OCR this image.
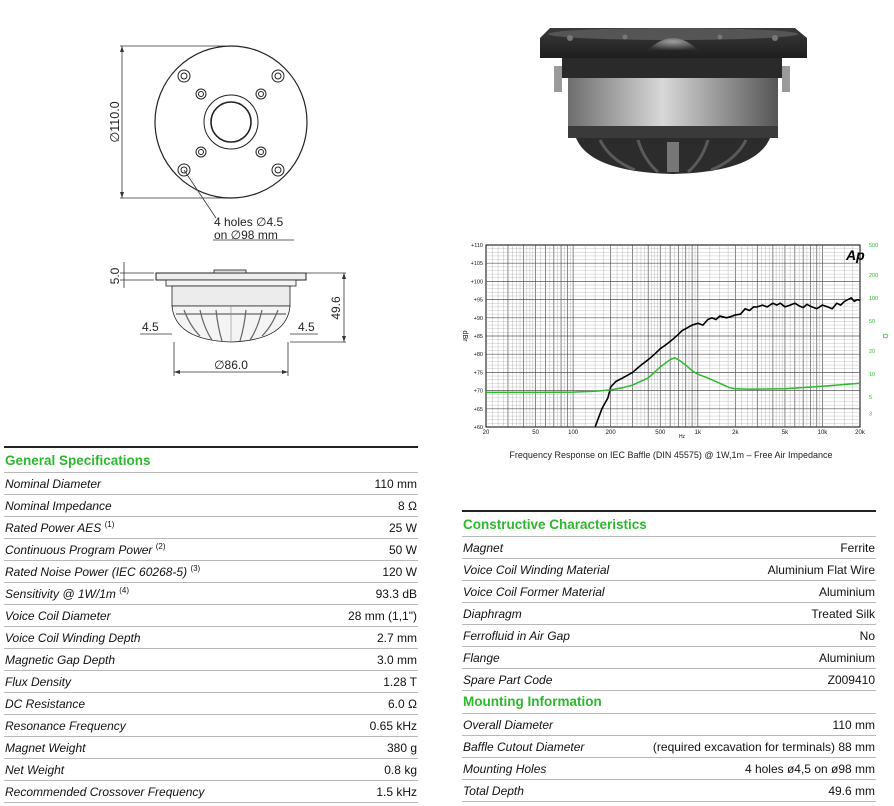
∅110.0
4 holes ∅4.5
on ∅98 mm
5.0
49.6
4.5	4.5
∅86.0
20	50	100	200	500	1k	2k	5k	10k	20k
+60
+65
+70
+75
+80
+85
+90
+95
+100
+105
+110
3
5
10
20
50
100
200
500
Ap
dBr	Ω
Hz
Frequency Response on IEC Baffle (DIN 45575) @ 1W,1m – Free Air Impedance
General Specifications
Nominal Diameter	110 mm
Nominal Impedance	8 Ω
Rated Power AES $^{(1)}$	25 W
Continuous Program Power $^{(2)}$	50 W
Rated Noise Power (IEC 60268-5) $^{(3)}$	120 W
Sensitivity @ 1W/1m $^{(4)}$	93.3 dB
Voice Coil Diameter	28 mm (1,1")
Voice Coil Winding Depth	2.7 mm
Magnetic Gap Depth	3.0 mm
Flux Density	1.28 T
DC Resistance	6.0 Ω
Resonance Frequency	0.65 kHz
Magnet Weight	380 g
Net Weight	0.8 kg
Recommended Crossover Frequency	1.5 kHz
Constructive Characteristics
Magnet	Ferrite
Voice Coil Winding Material	Aluminium Flat Wire
Voice Coil Former Material	Aluminium
Diaphragm	Treated Silk
Ferrofluid in Air Gap	No
Flange	Aluminium
Spare Part Code	Z009410
Mounting Information
Overall Diameter	110 mm
Baffle Cutout Diameter	(required excavation for terminals) 88 mm
Mounting Holes	4 holes ø4,5 on ø98 mm
Total Depth	49.6 mm
